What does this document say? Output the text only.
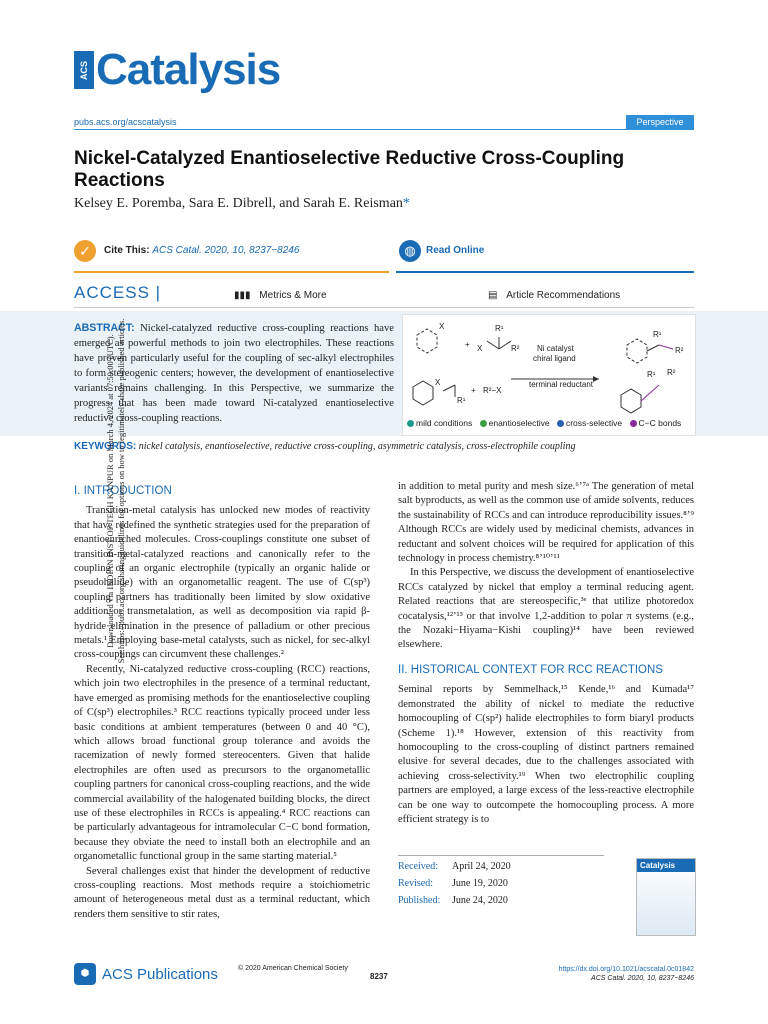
ACS Catalysis
pubs.acs.org/acscatalysis	Perspective
Nickel-Catalyzed Enantioselective Reductive Cross-Coupling Reactions
Kelsey E. Poremba, Sara E. Dibrell, and Sarah E. Reisman*
✓	Cite This: ACS Catal. 2020, 10, 8237−8246	◍	Read Online
ACCESS |	▮▮▮ Metrics & More	▤ Article Recommendations
ABSTRACT: Nickel-catalyzed reductive cross-coupling reactions have emerged as powerful methods to join two electrophiles. These reactions have proven particularly useful for the coupling of sec-alkyl electrophiles to form stereogenic centers; however, the development of enantioselective variants remains challenging. In this Perspective, we summarize the progress that has been made toward Ni-catalyzed enantioselective reductive cross-coupling reactions.
X
+
R¹
X	R² Ni catalyst
chiral ligand
terminal reductant
X
R¹
+ R²−X
R¹
R²
R¹ R²
mild conditions enantioselective cross-selective C−C bonds
KEYWORDS: nickel catalysis, enantioselective, reductive cross-coupling, asymmetric catalysis, cross-electrophile coupling
I. INTRODUCTION

Transition-metal catalysis has unlocked new modes of reactivity that have redefined the synthetic strategies used for the preparation of enantioenriched molecules. Cross-couplings constitute one subset of transition-metal-catalyzed reactions and canonically refer to the coupling of an organic electrophile (typically an organic halide or pseudohalide) with an organometallic reagent. The use of C(sp³) coupling partners has traditionally been limited by slow oxidative addition or transmetalation, as well as decomposition via rapid β-hydride elimination in the presence of palladium or other precious metals.¹ Employing base-metal catalysts, such as nickel, for sec-alkyl cross-couplings can circumvent these challenges.²

Recently, Ni-catalyzed reductive cross-coupling (RCC) reactions, which join two electrophiles in the presence of a terminal reductant, have emerged as promising methods for the enantioselective coupling of C(sp³) electrophiles.³ RCC reactions typically proceed under less basic conditions at ambient temperatures (between 0 and 40 °C), which allows broad functional group tolerance and avoids the racemization of newly formed stereocenters. Given that halide electrophiles are often used as precursors to the organometallic coupling partners for canonical cross-coupling reactions, and the wide commercial availability of the halogenated building blocks, the direct use of these electrophiles in RCCs is appealing.⁴ RCC reactions can be particularly advantageous for intramolecular C−C bond formation, because they obviate the need to install both an electrophile and an organometallic functional group in the same starting material.⁵

Several challenges exist that hinder the development of reductive cross-coupling reactions. Most methods require a stoichiometric amount of heterogeneous metal dust as a terminal reductant, which renders them sensitive to stir rates,

in addition to metal purity and mesh size.⁶ʼ⁷ᵃ The generation of metal salt byproducts, as well as the common use of amide solvents, reduces the sustainability of RCCs and can introduce reproducibility issues.⁸ʼ⁹ Although RCCs are widely used by medicinal chemists, advances in reductant and solvent choices will be required for application of this technology in process chemistry.⁸ʼ¹⁰ʼ¹¹

In this Perspective, we discuss the development of enantioselective RCCs catalyzed by nickel that employ a terminal reducing agent. Related reactions that are stereospecific,³ᵉ that utilize photoredox cocatalysis,¹²ʼ¹³ or that involve 1,2-addition to polar π systems (e.g., the Nozaki−Hiyama−Kishi coupling)¹⁴ have been reviewed elsewhere.

II. HISTORICAL CONTEXT FOR RCC REACTIONS

Seminal reports by Semmelhack,¹⁵ Kende,¹⁶ and Kumada¹⁷ demonstrated the ability of nickel to mediate the reductive homocoupling of C(sp²) halide electrophiles to form biaryl products (Scheme 1).¹⁸ However, extension of this reactivity from homocoupling to the cross-coupling of distinct partners remained elusive for several decades, due to the challenges associated with achieving cross-selectivity.¹⁹ When two electrophilic coupling partners are employed, a large excess of the less-reactive electrophile can be one way to outcompete the homocoupling process. A more efficient strategy is to

Received: April 24, 2020
Revised: June 19, 2020
Published: June 24, 2020
Catalysis
Downloaded via INDIAN INST OF TECH KANPUR on March 4, 2024 at 07:59:00 (UTC). See https://pubs.acs.org/sharingguidelines for options on how to legitimately share published articles.
⬢ ACS Publications	© 2020 American Chemical Society
8237
https://dx.doi.org/10.1021/acscatal.0c01842
ACS Catal. 2020, 10, 8237−8246
